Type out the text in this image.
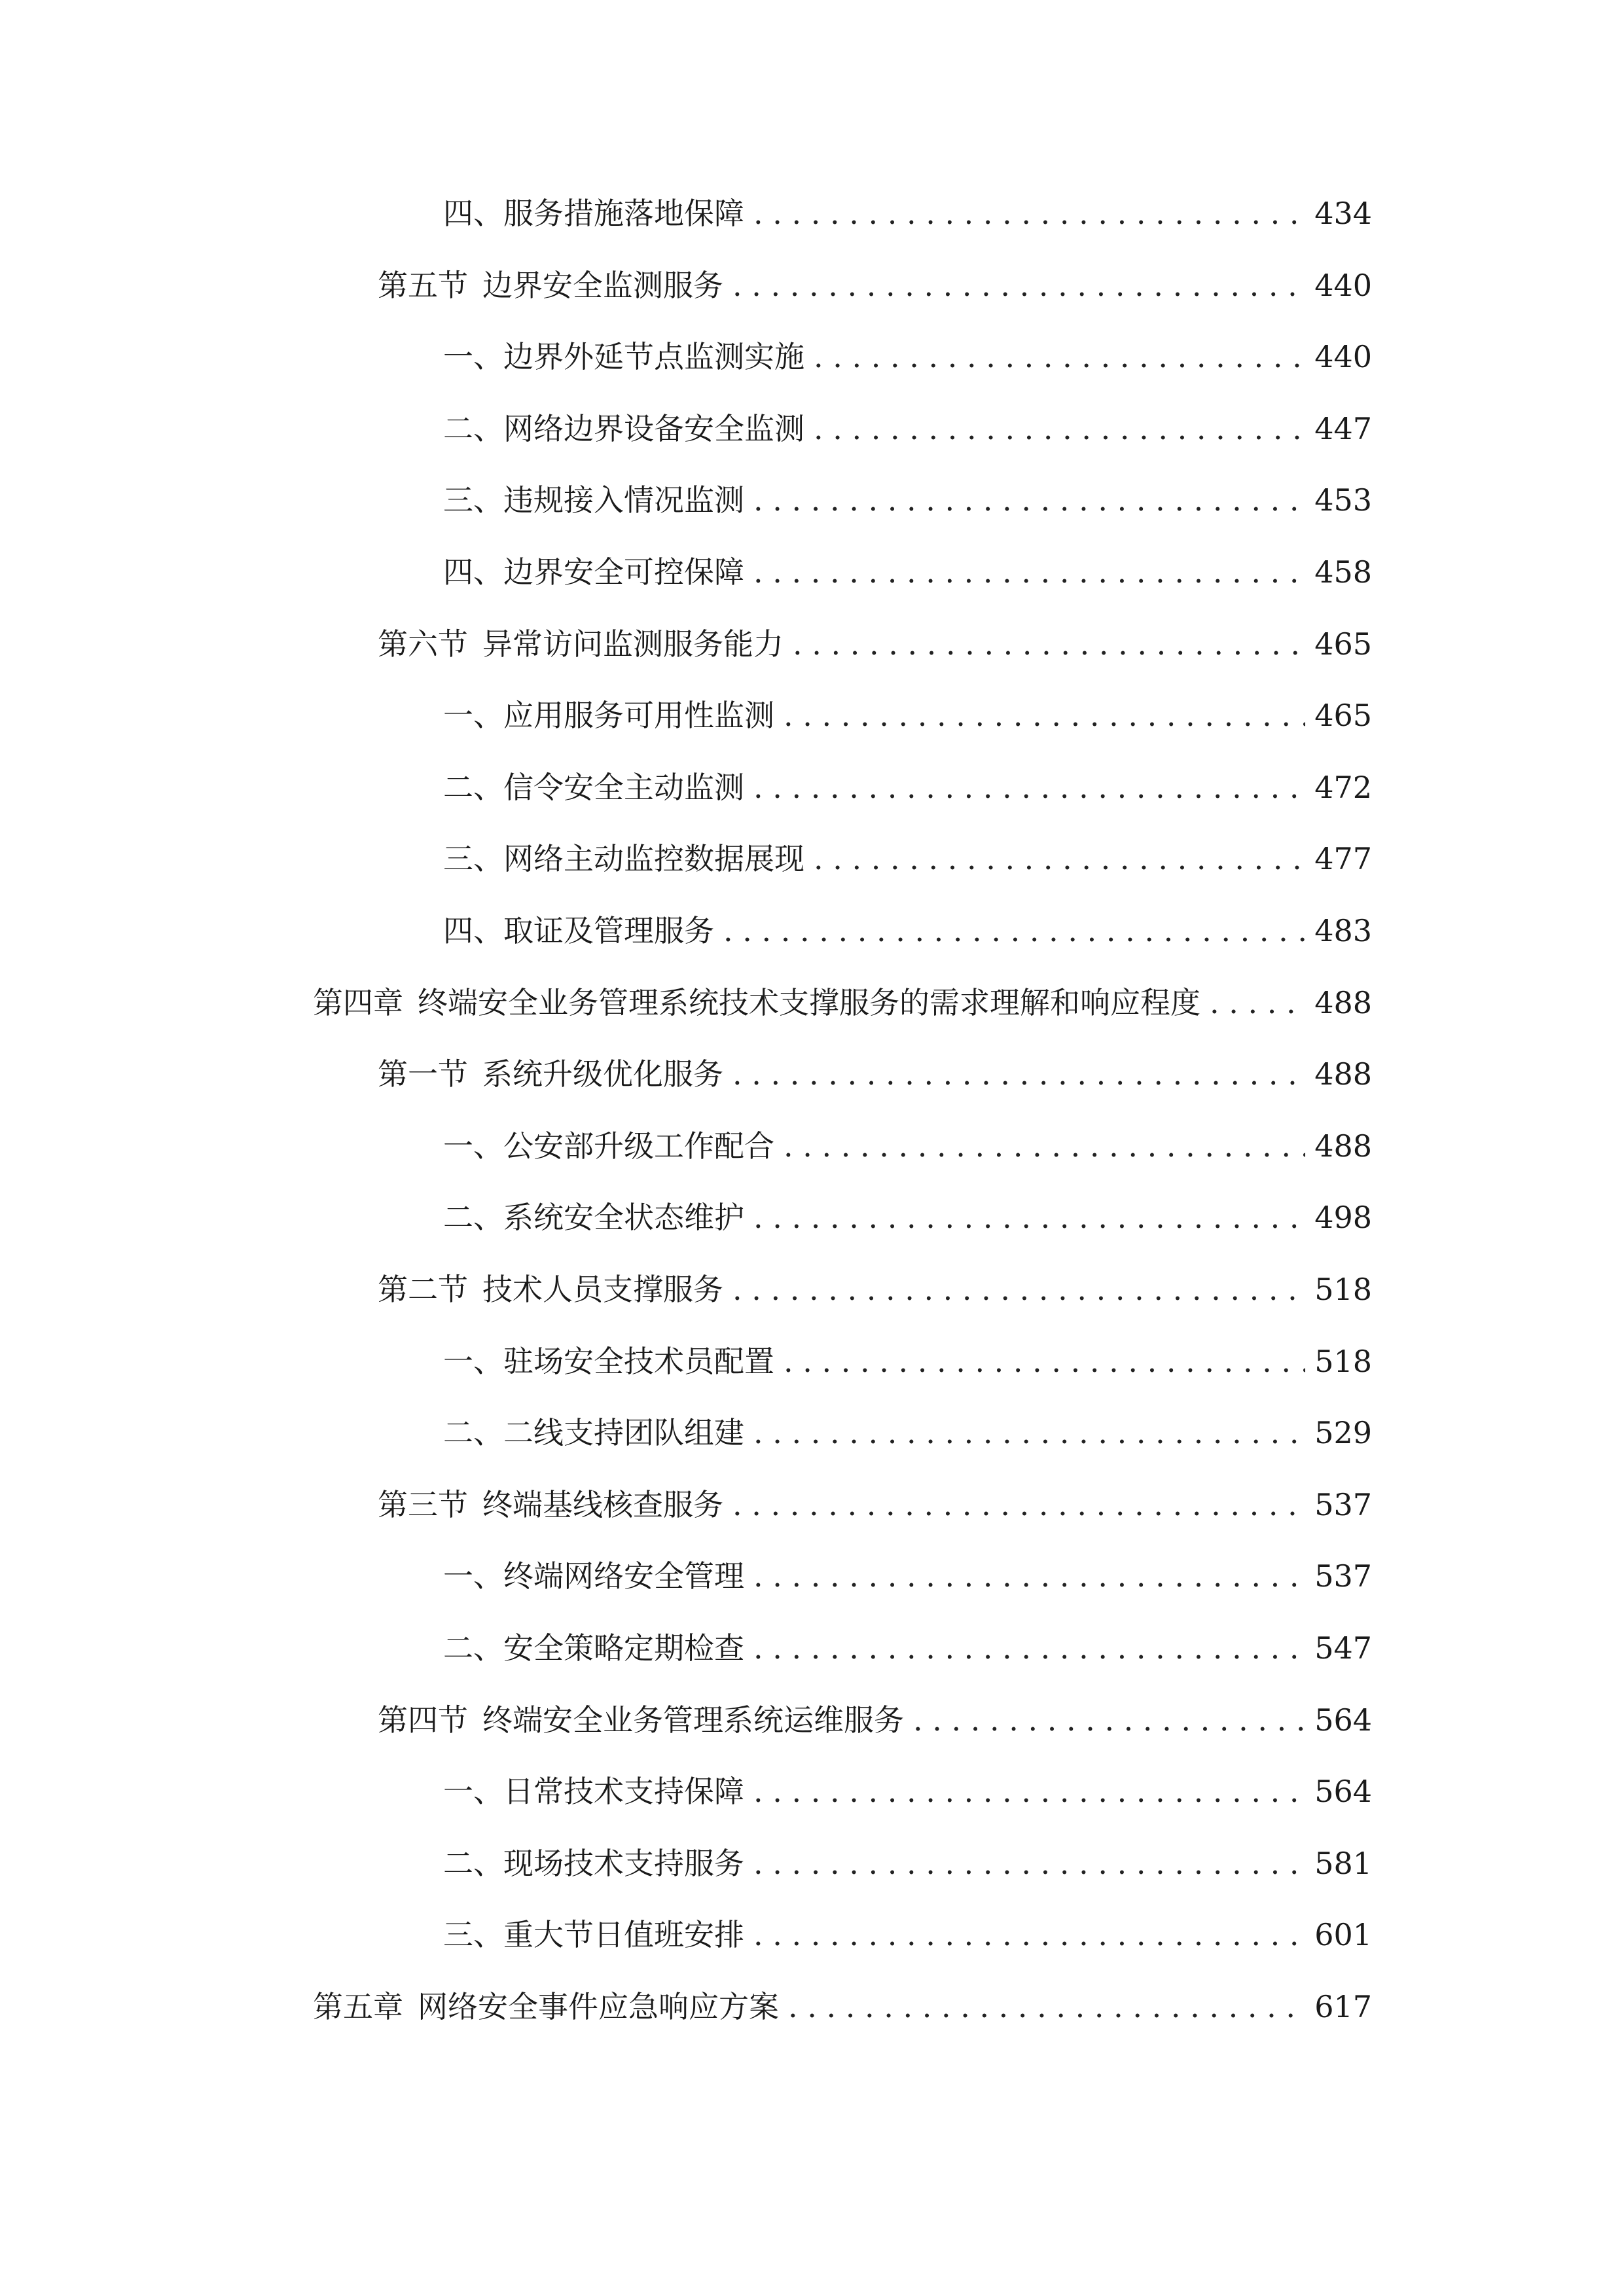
四、 服务措施落地保障 . . .	434
第五节 边界安全监测服务 . . .	440
一、 边界外延节点监测实施 . . .	440
二、 网络边界设备安全监测 . . .	447
三、 违规接入情况监测 . . .	453
四、 边界安全可控保障 . . .	458
第六节 异常访问监测服务能力 . . .	465
一、 应用服务可用性监测 . . .	465
二、 信令安全主动监测 . . .	472
三、 网络主动监控数据展现 . . .	477
四、 取证及管理服务 . . .	483
第四章 终端安全业务管理系统技术支撑服务的需求理解和响应程度 . . .	488
第一节 系统升级优化服务 . . .	488
一、 公安部升级工作配合 . . .	488
二、 系统安全状态维护 . . .	498
第二节 技术人员支撑服务 . . .	518
一、 驻场安全技术员配置 . . .	518
二、 二线支持团队组建 . . .	529
第三节 终端基线核查服务 . . .	537
一、 终端网络安全管理 . . .	537
二、 安全策略定期检查 . . .	547
第四节 终端安全业务管理系统运维服务 . . .	564
一、 日常技术支持保障 . . .	564
二、 现场技术支持服务 . . .	581
三、 重大节日值班安排 . . .	601
第五章 网络安全事件应急响应方案 . . .	617
